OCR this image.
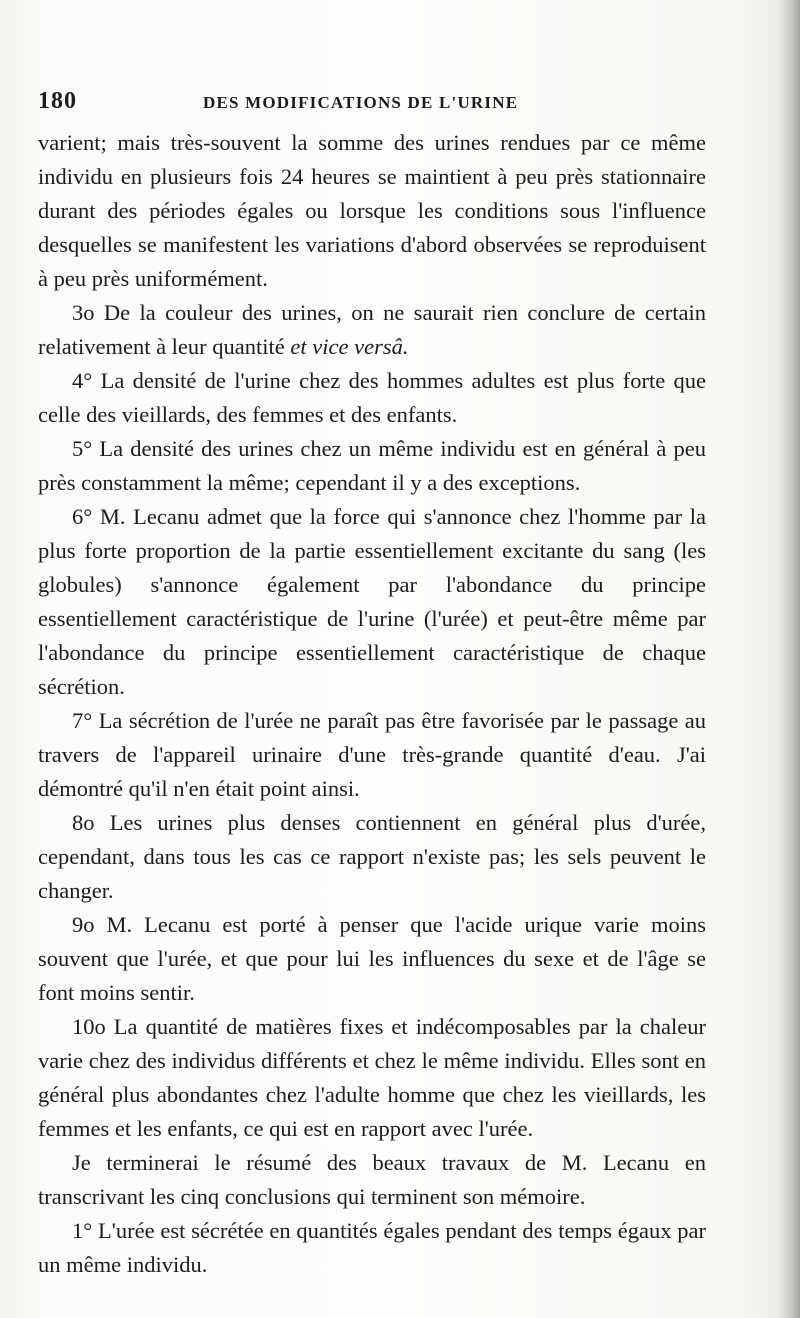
180	DES MODIFICATIONS DE L'URINE

varient; mais très-souvent la somme des urines rendues par ce même individu en plusieurs fois 24 heures se maintient à peu près stationnaire durant des périodes égales ou lorsque les conditions sous l'influence desquelles se manifestent les variations d'abord observées se reproduisent à peu près uniformément.

3o De la couleur des urines, on ne saurait rien conclure de certain relativement à leur quantité et vice versâ.

4° La densité de l'urine chez des hommes adultes est plus forte que celle des vieillards, des femmes et des enfants.

5° La densité des urines chez un même individu est en général à peu près constamment la même; cependant il y a des exceptions.

6° M. Lecanu admet que la force qui s'annonce chez l'homme par la plus forte proportion de la partie essentiellement excitante du sang (les globules) s'annonce également par l'abondance du principe essentiellement caractéristique de l'urine (l'urée) et peut-être même par l'abondance du principe essentiellement caractéristique de chaque sécrétion.

7° La sécrétion de l'urée ne paraît pas être favorisée par le passage au travers de l'appareil urinaire d'une très-grande quantité d'eau. J'ai démontré qu'il n'en était point ainsi.

8o Les urines plus denses contiennent en général plus d'urée, cependant, dans tous les cas ce rapport n'existe pas; les sels peuvent le changer.

9o M. Lecanu est porté à penser que l'acide urique varie moins souvent que l'urée, et que pour lui les influences du sexe et de l'âge se font moins sentir.

10o La quantité de matières fixes et indécomposables par la chaleur varie chez des individus différents et chez le même individu. Elles sont en général plus abondantes chez l'adulte homme que chez les vieillards, les femmes et les enfants, ce qui est en rapport avec l'urée.

Je terminerai le résumé des beaux travaux de M. Lecanu en transcrivant les cinq conclusions qui terminent son mémoire.

1° L'urée est sécrétée en quantités égales pendant des temps égaux par un même individu.
